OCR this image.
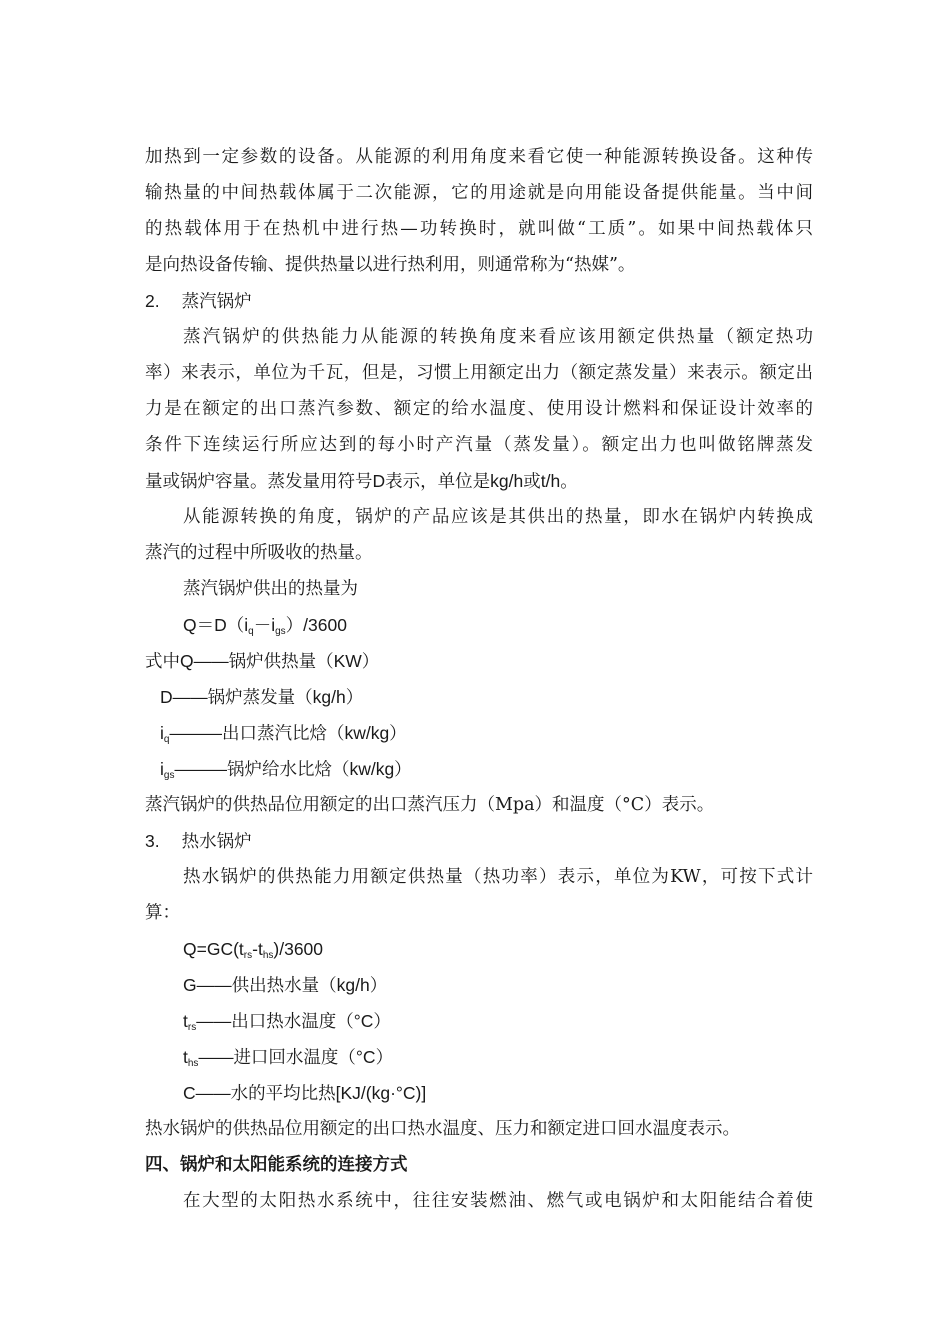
加热到一定参数的设备。从能源的利用角度来看它使一种能源转换设备。这种传
输热量的中间热载体属于二次能源，它的用途就是向用能设备提供能量。当中间
的热载体用于在热机中进行热—功转换时，就叫做“工质”。如果中间热载体只
是向热设备传输、提供热量以进行热利用，则通常称为“热媒”。
2. 蒸汽锅炉
蒸汽锅炉的供热能力从能源的转换角度来看应该用额定供热量（额定热功
率）来表示，单位为千瓦，但是，习惯上用额定出力（额定蒸发量）来表示。额定出
力是在额定的出口蒸汽参数、额定的给水温度、使用设计燃料和保证设计效率的
条件下连续运行所应达到的每小时产汽量（蒸发量）。额定出力也叫做铭牌蒸发
量或锅炉容量。蒸发量用符号D表示，单位是kg/h或t/h。
从能源转换的角度，锅炉的产品应该是其供出的热量，即水在锅炉内转换成
蒸汽的过程中所吸收的热量。
蒸汽锅炉供出的热量为
$Q=D(i_q-i_{gs})/3600$
式中Q——锅炉供热量（KW）
D——锅炉蒸发量（kg/h）
$i_q———$出口蒸汽比焓（kw/kg）
$i_{gs}———$锅炉给水比焓（kw/kg）
蒸汽锅炉的供热品位用额定的出口蒸汽压力（Mpa）和温度（°C）表示。
3. 热水锅炉
热水锅炉的供热能力用额定供热量（热功率）表示，单位为KW，可按下式计
算：
$Q=GC(t_{rs}-t_{hs})/3600$
G——供出热水量（kg/h）
$t_{rs}——$出口热水温度（°C）
$t_{hs}——$进口回水温度（°C）
C——水的平均比热[KJ/(kg·°C)]
热水锅炉的供热品位用额定的出口热水温度、压力和额定进口回水温度表示。
四、锅炉和太阳能系统的连接方式
在大型的太阳热水系统中，往往安装燃油、燃气或电锅炉和太阳能结合着使
